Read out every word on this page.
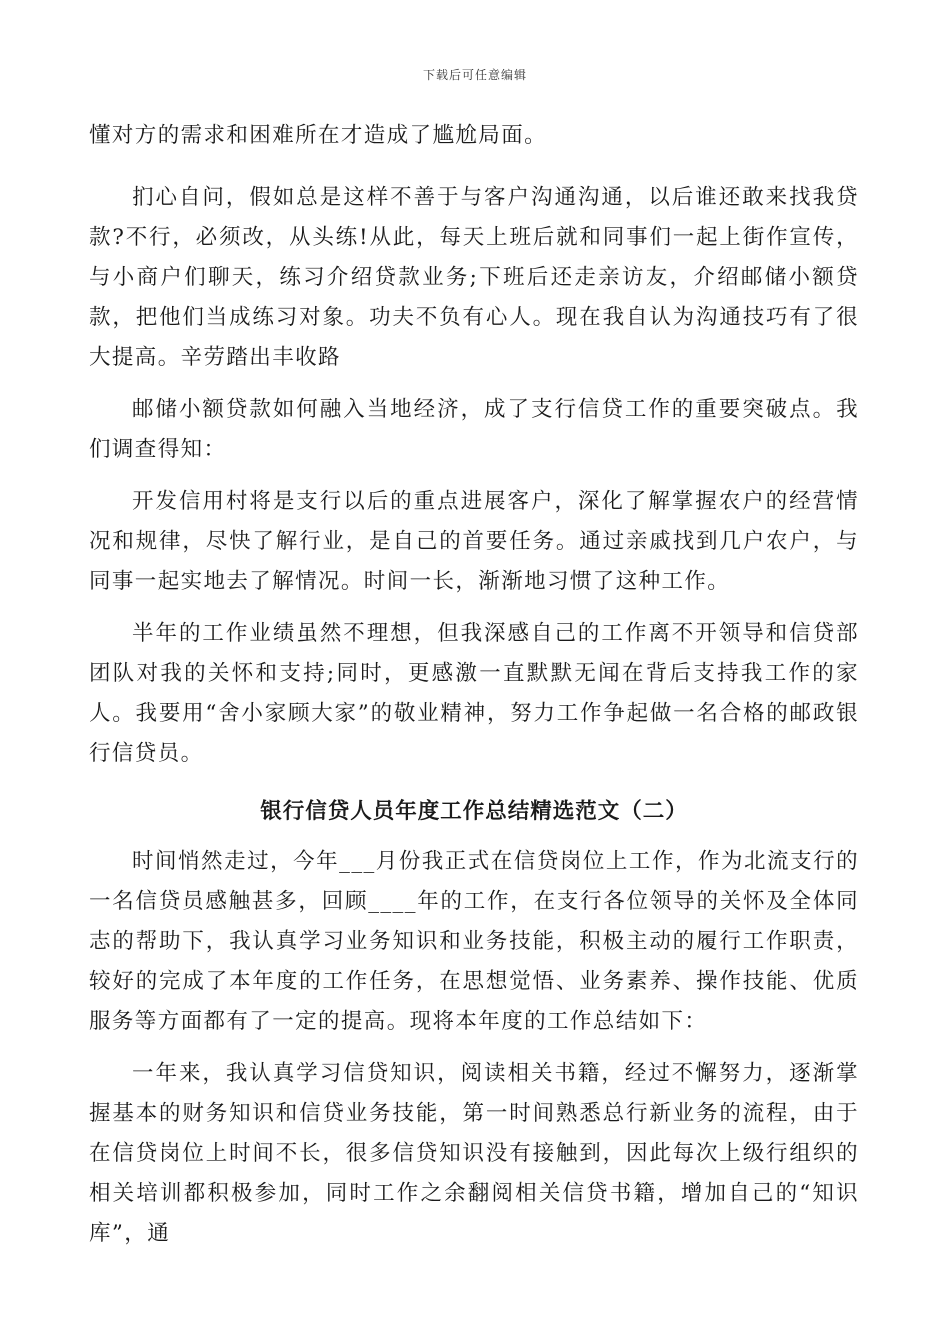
下载后可任意编辑

懂对方的需求和困难所在才造成了尴尬局面。

扪心自问，假如总是这样不善于与客户沟通沟通，以后谁还敢来找我贷款?不行，必须改，从头练!从此，每天上班后就和同事们一起上街作宣传，与小商户们聊天，练习介绍贷款业务;下班后还走亲访友，介绍邮储小额贷款，把他们当成练习对象。功夫不负有心人。现在我自认为沟通技巧有了很大提高。辛劳踏出丰收路

邮储小额贷款如何融入当地经济，成了支行信贷工作的重要突破点。我们调查得知：

开发信用村将是支行以后的重点进展客户，深化了解掌握农户的经营情况和规律，尽快了解行业，是自己的首要任务。通过亲戚找到几户农户，与同事一起实地去了解情况。时间一长，渐渐地习惯了这种工作。

半年的工作业绩虽然不理想，但我深感自己的工作离不开领导和信贷部团队对我的关怀和支持;同时，更感激一直默默无闻在背后支持我工作的家人。我要用“舍小家顾大家”的敬业精神，努力工作争起做一名合格的邮政银行信贷员。

银行信贷人员年度工作总结精选范文（二）

时间悄然走过，今年___月份我正式在信贷岗位上工作，作为北流支行的一名信贷员感触甚多，回顾____年的工作，在支行各位领导的关怀及全体同志的帮助下，我认真学习业务知识和业务技能，积极主动的履行工作职责，较好的完成了本年度的工作任务，在思想觉悟、业务素养、操作技能、优质服务等方面都有了一定的提高。现将本年度的工作总结如下：

一年来，我认真学习信贷知识，阅读相关书籍，经过不懈努力，逐渐掌握基本的财务知识和信贷业务技能，第一时间熟悉总行新业务的流程，由于在信贷岗位上时间不长，很多信贷知识没有接触到，因此每次上级行组织的相关培训都积极参加，同时工作之余翻阅相关信贷书籍，增加自己的“知识库”，通
